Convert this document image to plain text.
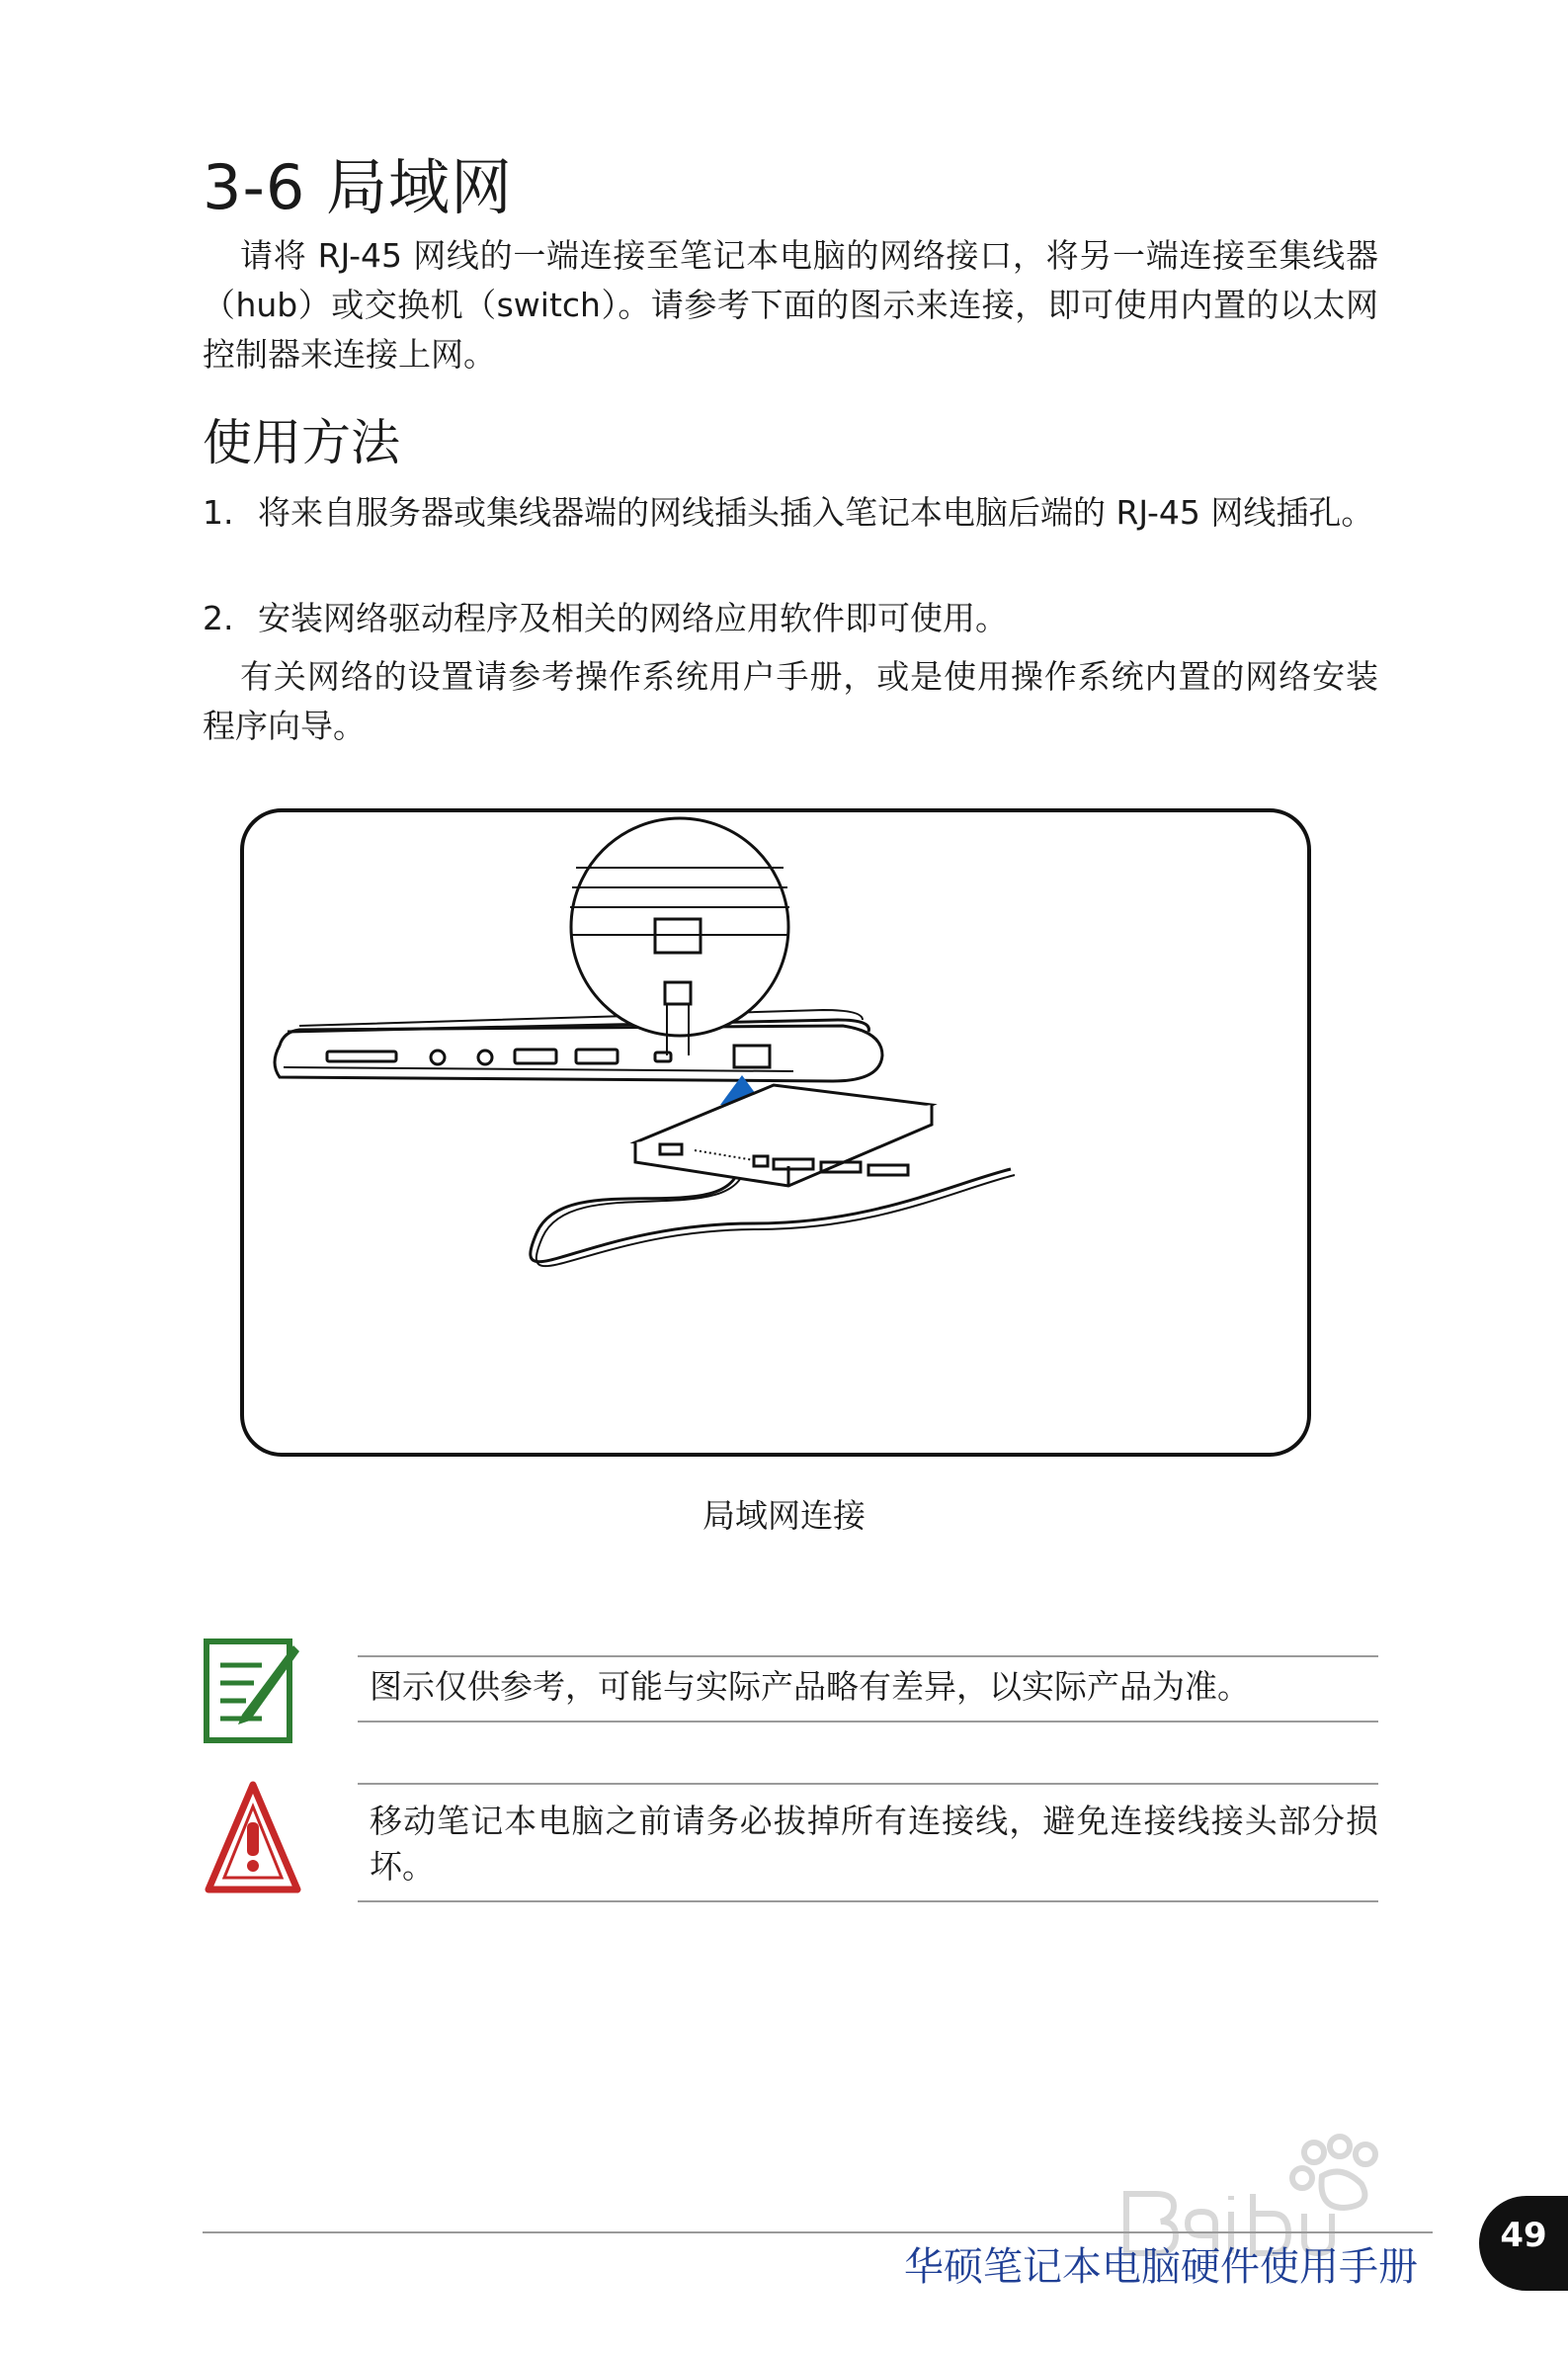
3-6 局域网

请将 RJ-45 网线的一端连接至笔记本电脑的网络接口，将另一端连接至集线器（hub）或交换机（switch）。请参考下面的图示来连接，即可使用内置的以太网控制器来连接上网。

使用方法
1. 将来自服务器或集线器端的网线插头插入笔记本电脑后端的 RJ-45 网线插孔。
2. 安装网络驱动程序及相关的网络应用软件即可使用。

有关网络的设置请参考操作系统用户手册，或是使用操作系统内置的网络安装程序向导。

局域网连接
图示仅供参考，可能与实际产品略有差异，以实际产品为准。
移动笔记本电脑之前请务必拔掉所有连接线，避免连接线接头部分损坏。
华硕笔记本电脑硬件使用手册
49
